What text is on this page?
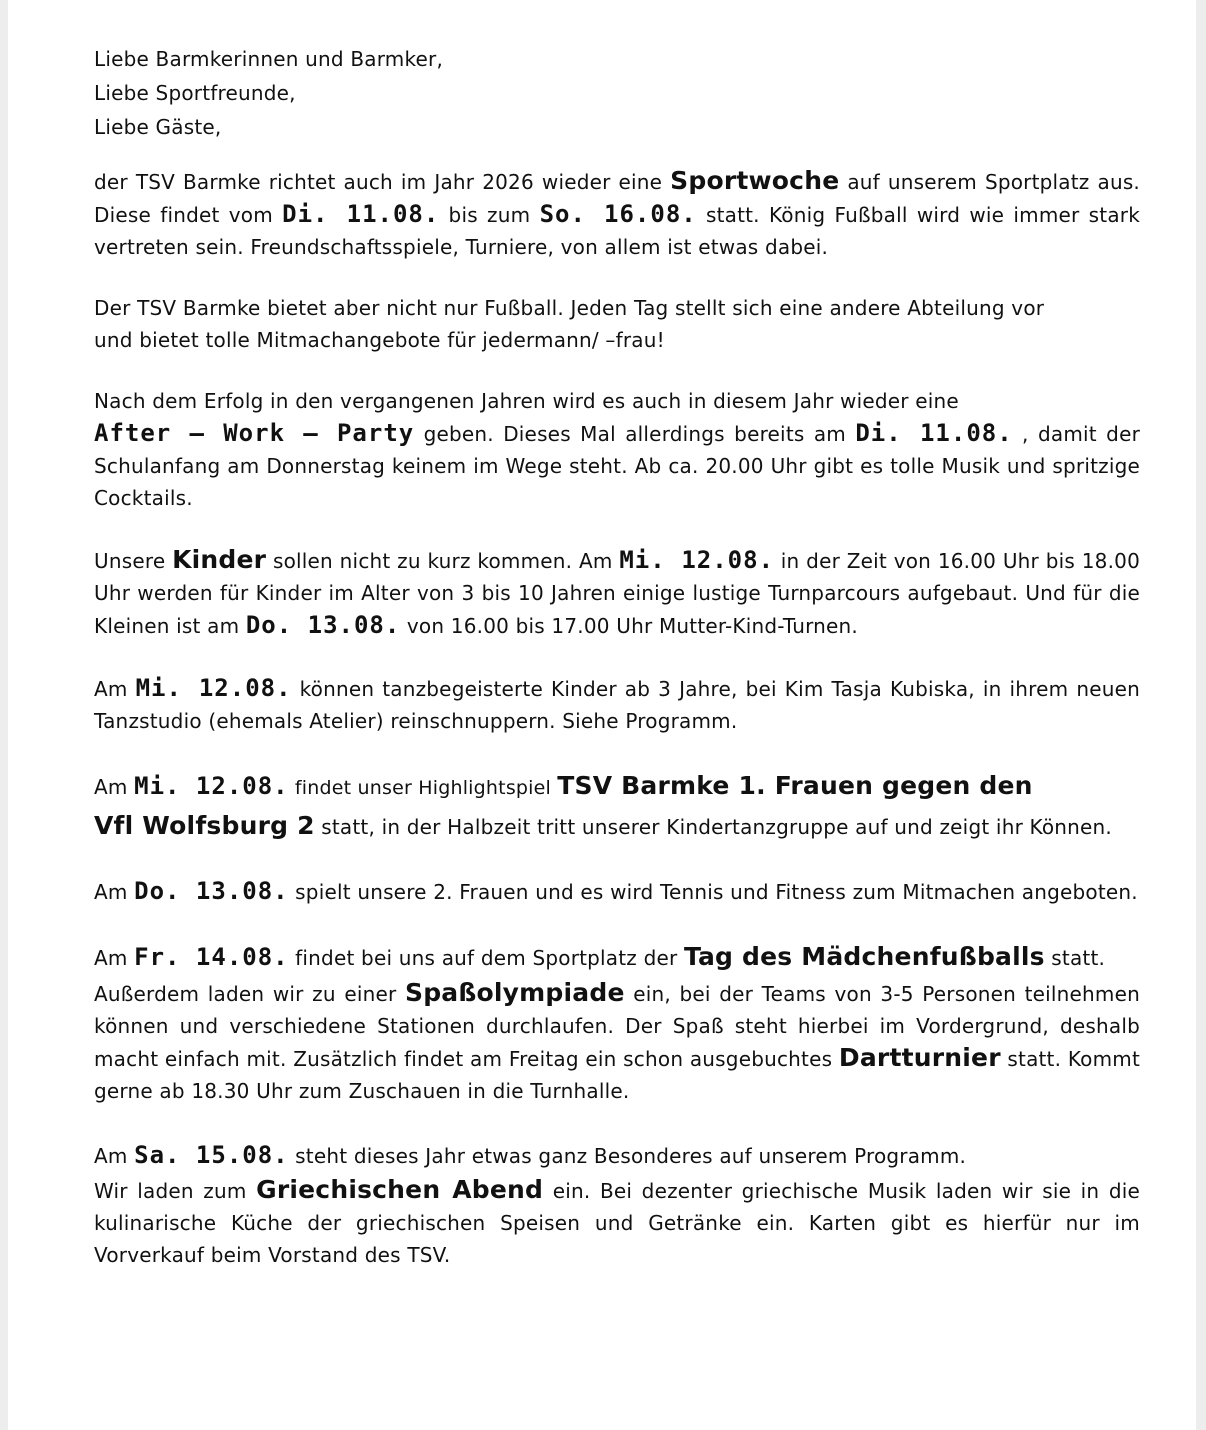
Liebe Barmkerinnen und Barmker,

Liebe Sportfreunde,

Liebe Gäste,

der TSV Barmke richtet auch im Jahr 2026 wieder eine Sportwoche auf unserem Sportplatz aus. Diese findet vom Di. 11.08. bis zum So. 16.08. statt. König Fußball wird wie immer stark vertreten sein. Freundschaftsspiele, Turniere, von allem ist etwas dabei.

Der TSV Barmke bietet aber nicht nur Fußball. Jeden Tag stellt sich eine andere Abteilung vor

und bietet tolle Mitmachangebote für jedermann/ –frau!

Nach dem Erfolg in den vergangenen Jahren wird es auch in diesem Jahr wieder eine

After – Work – Party geben. Dieses Mal allerdings bereits am Di. 11.08. , damit der Schulanfang am Donnerstag keinem im Wege steht. Ab ca. 20.00 Uhr gibt es tolle Musik und spritzige Cocktails.

Unsere Kinder sollen nicht zu kurz kommen. Am Mi. 12.08. in der Zeit von 16.00 Uhr bis 18.00 Uhr werden für Kinder im Alter von 3 bis 10 Jahren einige lustige Turnparcours aufgebaut. Und für die Kleinen ist am Do. 13.08. von 16.00 bis 17.00 Uhr Mutter-Kind-Turnen.

Am Mi. 12.08. können tanzbegeisterte Kinder ab 3 Jahre, bei Kim Tasja Kubiska, in ihrem neuen Tanzstudio (ehemals Atelier) reinschnuppern. Siehe Programm.

Am Mi. 12.08. findet unser Highlightspiel TSV Barmke 1. Frauen gegen den

Vfl Wolfsburg 2 statt, in der Halbzeit tritt unserer Kindertanzgruppe auf und zeigt ihr Können.

Am Do. 13.08. spielt unsere 2. Frauen und es wird Tennis und Fitness zum Mitmachen angeboten.

Am Fr. 14.08. findet bei uns auf dem Sportplatz der Tag des Mädchenfußballs statt.

Außerdem laden wir zu einer Spaßolympiade ein, bei der Teams von 3-5 Personen teilnehmen können und verschiedene Stationen durchlaufen. Der Spaß steht hierbei im Vordergrund, deshalb macht einfach mit. Zusätzlich findet am Freitag ein schon ausgebuchtes Dartturnier statt. Kommt gerne ab 18.30 Uhr zum Zuschauen in die Turnhalle.

Am Sa. 15.08. steht dieses Jahr etwas ganz Besonderes auf unserem Programm.

Wir laden zum Griechischen Abend ein. Bei dezenter griechische Musik laden wir sie in die kulinarische Küche der griechischen Speisen und Getränke ein. Karten gibt es hierfür nur im Vorverkauf beim Vorstand des TSV.
